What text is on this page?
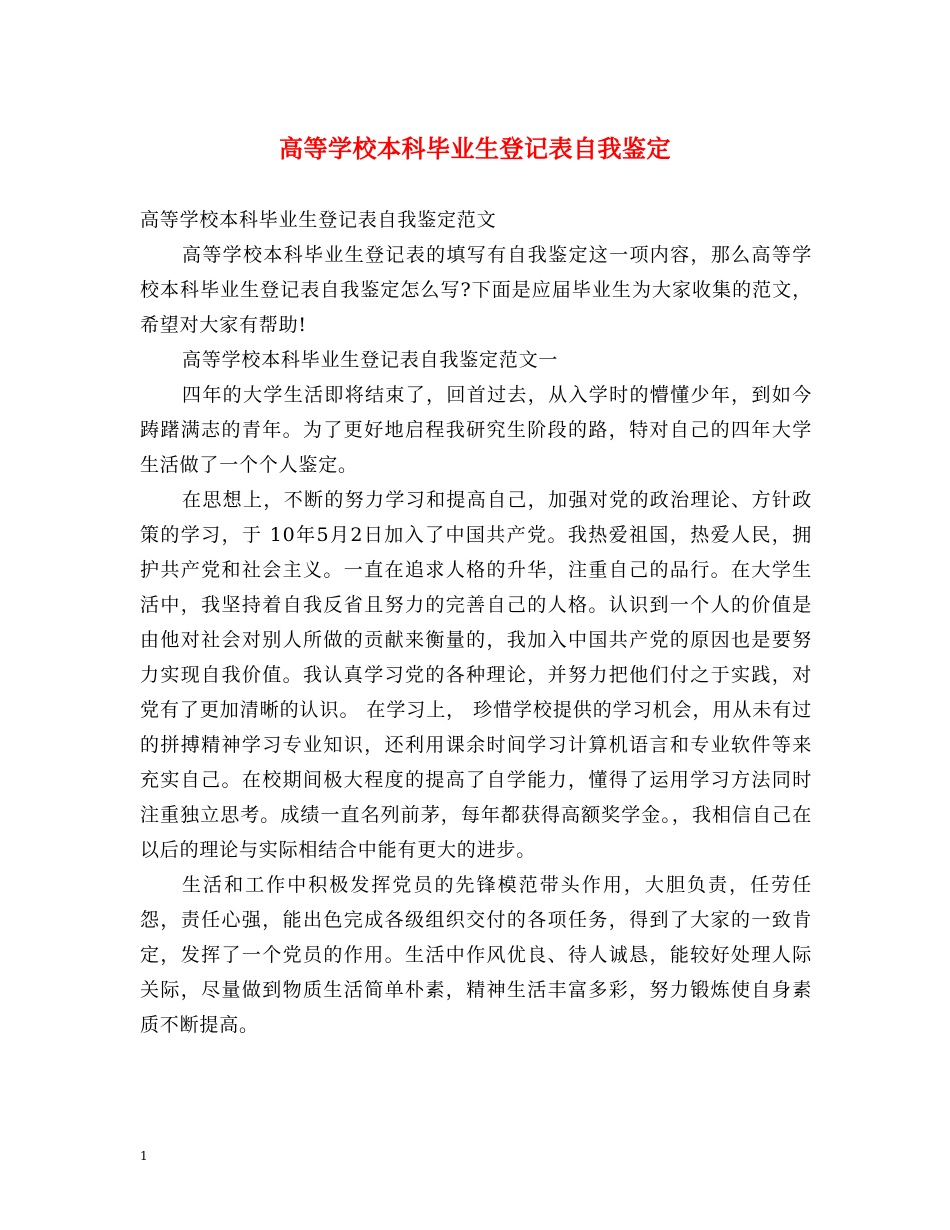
高等学校本科毕业生登记表自我鉴定

高等学校本科毕业生登记表自我鉴定范文

高等学校本科毕业生登记表的填写有自我鉴定这一项内容，那么高等学校本科毕业生登记表自我鉴定怎么写?下面是应届毕业生为大家收集的范文，希望对大家有帮助!

高等学校本科毕业生登记表自我鉴定范文一

四年的大学生活即将结束了，回首过去，从入学时的懵懂少年，到如今踌躇满志的青年。为了更好地启程我研究生阶段的路，特对自己的四年大学生活做了一个个人鉴定。

在思想上，不断的努力学习和提高自己，加强对党的政治理论、方针政策的学习，于 10年5月2日加入了中国共产党。我热爱祖国，热爱人民，拥护共产党和社会主义。一直在追求人格的升华，注重自己的品行。在大学生活中，我坚持着自我反省且努力的完善自己的人格。认识到一个人的价值是由他对社会对别人所做的贡献来衡量的，我加入中国共产党的原因也是要努力实现自我价值。我认真学习党的各种理论，并努力把他们付之于实践，对党有了更加清晰的认识。 在学习上， 珍惜学校提供的学习机会，用从未有过的拼搏精神学习专业知识，还利用课余时间学习计算机语言和专业软件等来充实自己。在校期间极大程度的提高了自学能力，懂得了运用学习方法同时注重独立思考。成绩一直名列前茅，每年都获得高额奖学金。，我相信自己在以后的理论与实际相结合中能有更大的进步。

生活和工作中积极发挥党员的先锋模范带头作用，大胆负责，任劳任怨，责任心强，能出色完成各级组织交付的各项任务，得到了大家的一致肯定，发挥了一个党员的作用。生活中作风优良、待人诚恳，能较好处理人际关际，尽量做到物质生活简单朴素，精神生活丰富多彩，努力锻炼使自身素质不断提高。

1
